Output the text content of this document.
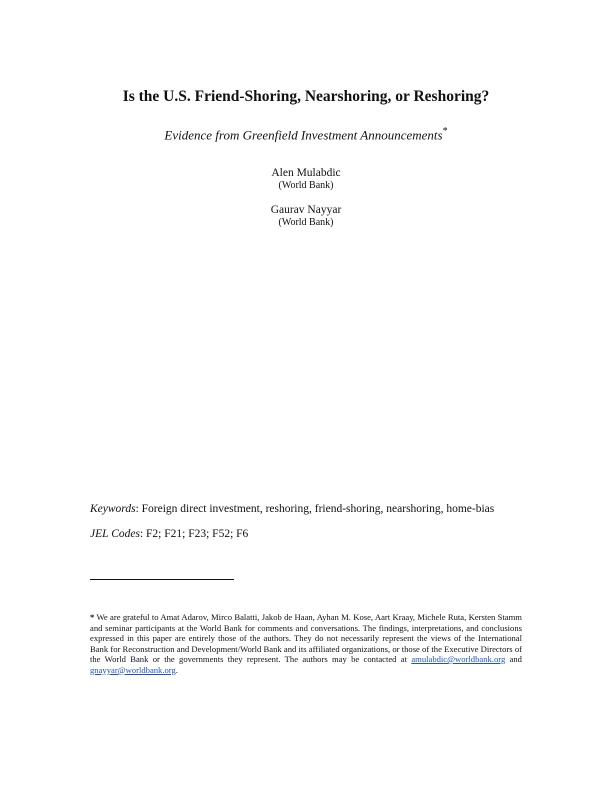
Is the U.S. Friend-Shoring, Nearshoring, or Reshoring?
Evidence from Greenfield Investment Announcements*
Alen Mulabdic
(World Bank)
Gaurav Nayyar
(World Bank)
Keywords: Foreign direct investment, reshoring, friend-shoring, nearshoring, home-bias
JEL Codes: F2; F21; F23; F52; F6
* We are grateful to Amat Adarov, Mirco Balatti, Jakob de Haan, Ayhan M. Kose, Aart Kraay, Michele Ruta, Kersten Stamm and seminar participants at the World Bank for comments and conversations. The findings, interpretations, and conclusions expressed in this paper are entirely those of the authors. They do not necessarily represent the views of the International Bank for Reconstruction and Development/World Bank and its affiliated organizations, or those of the Executive Directors of the World Bank or the governments they represent. The authors may be contacted at amulabdic@worldbank.org and gnayyar@worldbank.org.
